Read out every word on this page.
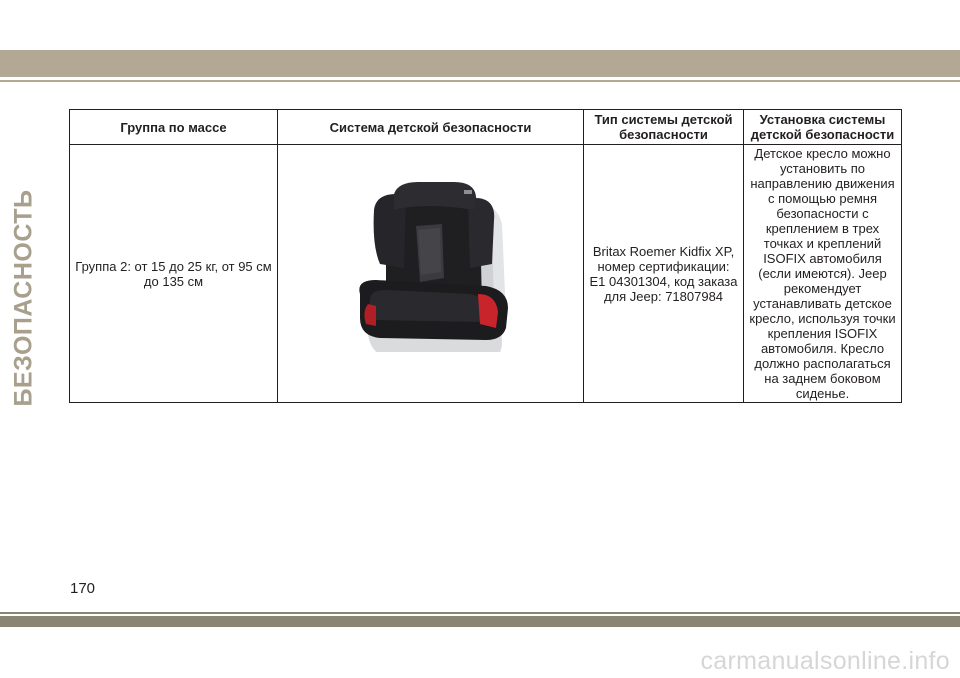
БЕЗОПАСНОСТЬ
Группа по массе	Система детской безопасности	Тип системы детской безопасности	Установка системы детской безопасности
Группа 2: от 15 до 25 кг, от 95 см до 135 см		Britax Roemer Kidfix XP, номер сертификации: E1 04301304, код заказа для Jeep: 71807984	Детское кресло можно установить по направлению движения с помощью ремня безопасности с креплением в трех точках и креплений ISOFIX автомобиля (если имеются). Jeep рекомендует устанавливать детское кресло, используя точки крепления ISOFIX автомобиля. Кресло должно располагаться на заднем боковом сиденье.
170
carmanualsonline.info
